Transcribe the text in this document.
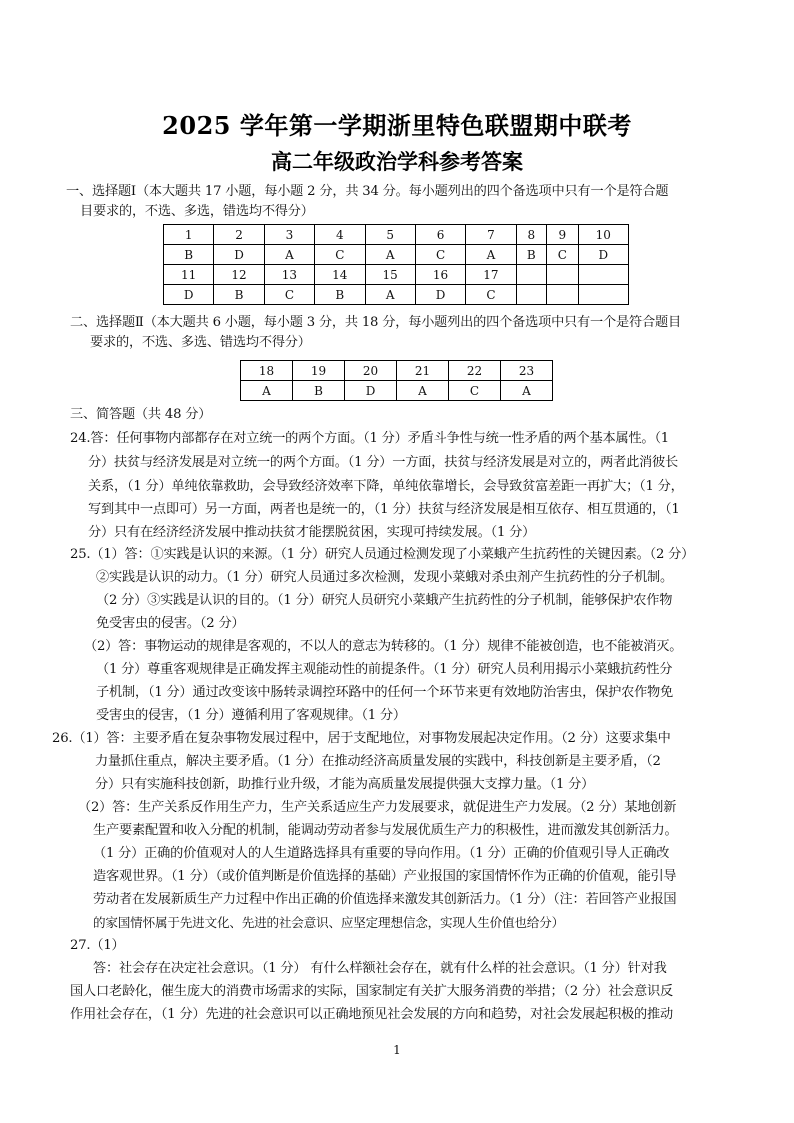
2025 学年第一学期浙里特色联盟期中联考
高二年级政治学科参考答案
一、选择题Ⅰ（本大题共 17 小题，每小题 2 分，共 34 分。每小题列出的四个备选项中只有一个是符合题
目要求的，不选、多选，错选均不得分）
1	2	3	4	5	6	7	8	9	10
B	D	A	C	A	C	A	B	C	D
11	12	13	14	15	16	17			
D	B	C	B	A	D	C			
二、选择题Ⅱ（本大题共 6 小题，每小题 3 分，共 18 分，每小题列出的四个备选项中只有一个是符合题目
要求的，不选、多选、错选均不得分）
18	19	20	21	22	23
A	B	D	A	C	A
三、简答题（共 48 分）
24.答：任何事物内部都存在对立统一的两个方面。（1 分）矛盾斗争性与统一性矛盾的两个基本属性。（1
分）扶贫与经济发展是对立统一的两个方面。（1 分）一方面，扶贫与经济发展是对立的，两者此消彼长
关系，（1 分）单纯依靠救助，会导致经济效率下降，单纯依靠增长，会导致贫富差距一再扩大；（1 分，
写到其中一点即可）另一方面，两者也是统一的，（1 分）扶贫与经济发展是相互依存、相互贯通的，（1
分）只有在经济经济发展中推动扶贫才能摆脱贫困，实现可持续发展。（1 分）
25.（1）答：①实践是认识的来源。（1 分）研究人员通过检测发现了小菜蛾产生抗药性的关键因素。（2 分）
②实践是认识的动力。（1 分）研究人员通过多次检测，发现小菜蛾对杀虫剂产生抗药性的分子机制。
（2 分）③实践是认识的目的。（1 分）研究人员研究小菜蛾产生抗药性的分子机制，能够保护农作物
免受害虫的侵害。（2 分）
（2）答：事物运动的规律是客观的，不以人的意志为转移的。（1 分）规律不能被创造，也不能被消灭。
（1 分）尊重客观规律是正确发挥主观能动性的前提条件。（1 分）研究人员利用揭示小菜蛾抗药性分
子机制，（1 分）通过改变该中肠转录调控环路中的任何一个环节来更有效地防治害虫，保护农作物免
受害虫的侵害，（1 分）遵循利用了客观规律。（1 分）
26.（1）答：主要矛盾在复杂事物发展过程中，居于支配地位，对事物发展起决定作用。（2 分）这要求集中
力量抓住重点，解决主要矛盾。（1 分）在推动经济高质量发展的实践中，科技创新是主要矛盾，（2
分）只有实施科技创新，助推行业升级，才能为高质量发展提供强大支撑力量。（1 分）
（2）答：生产关系反作用生产力，生产关系适应生产力发展要求，就促进生产力发展。（2 分）某地创新
生产要素配置和收入分配的机制，能调动劳动者参与发展优质生产力的积极性，进而激发其创新活力。
（1 分）正确的价值观对人的人生道路选择具有重要的导向作用。（1 分）正确的价值观引导人正确改
造客观世界。（1 分）（或价值判断是价值选择的基础）产业报国的家国情怀作为正确的价值观，能引导
劳动者在发展新质生产力过程中作出正确的价值选择来激发其创新活力。（1 分）（注：若回答产业报国
的家国情怀属于先进文化、先进的社会意识、应坚定理想信念，实现人生价值也给分）
27.（1）
答：社会存在决定社会意识。（1 分） 有什么样额社会存在，就有什么样的社会意识。（1 分）针对我
国人口老龄化，催生庞大的消费市场需求的实际，国家制定有关扩大服务消费的举措；（2 分）社会意识反
作用社会存在，（1 分）先进的社会意识可以正确地预见社会发展的方向和趋势，对社会发展起积极的推动
1
